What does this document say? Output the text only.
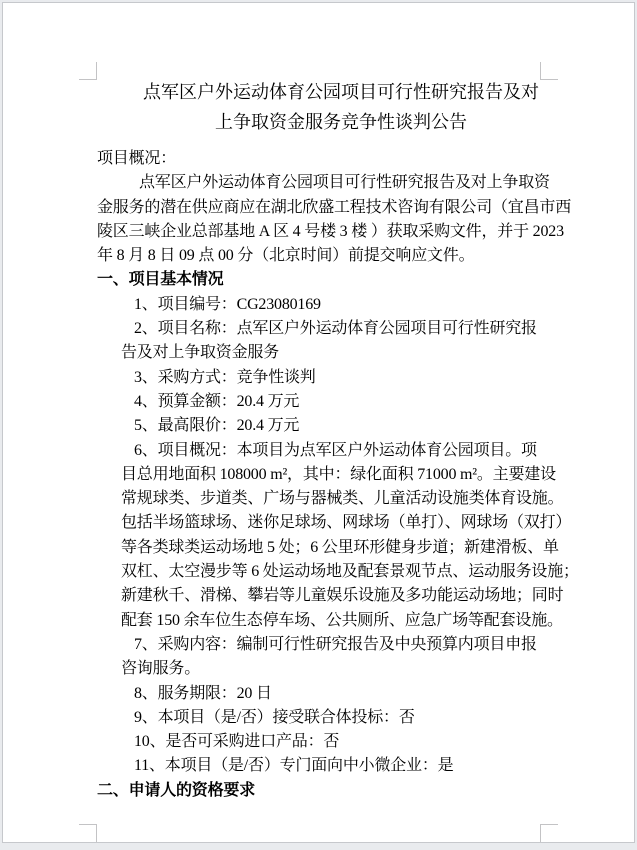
点军区户外运动体育公园项目可行性研究报告及对
上争取资金服务竞争性谈判公告
项目概况：
点军区户外运动体育公园项目可行性研究报告及对上争取资
金服务的潜在供应商应在湖北欣盛工程技术咨询有限公司（宜昌市西
陵区三峡企业总部基地 A 区 4 号楼 3 楼 ）获取采购文件，并于 2023
年 8 月 8 日 09 点 00 分（北京时间）前提交响应文件。
一、项目基本情况
1、项目编号：CG23080169
2、项目名称：点军区户外运动体育公园项目可行性研究报
告及对上争取资金服务
3、采购方式：竞争性谈判
4、预算金额：20.4 万元
5、最高限价：20.4 万元
6、项目概况：本项目为点军区户外运动体育公园项目。项
目总用地面积 108000 m²，其中：绿化面积 71000 m²。主要建设
常规球类、步道类、广场与器械类、儿童活动设施类体育设施。
包括半场篮球场、迷你足球场、网球场（单打）、网球场（双打）
等各类球类运动场地 5 处；6 公里环形健身步道；新建滑板、单
双杠、太空漫步等 6 处运动场地及配套景观节点、运动服务设施；
新建秋千、滑梯、攀岩等儿童娱乐设施及多功能运动场地；同时
配套 150 余车位生态停车场、公共厕所、应急广场等配套设施。
7、采购内容：编制可行性研究报告及中央预算内项目申报
咨询服务。
8、服务期限：20 日
9、本项目（是/否）接受联合体投标：否
10、是否可采购进口产品：否
11、本项目（是/否）专门面向中小微企业：是
二、申请人的资格要求
